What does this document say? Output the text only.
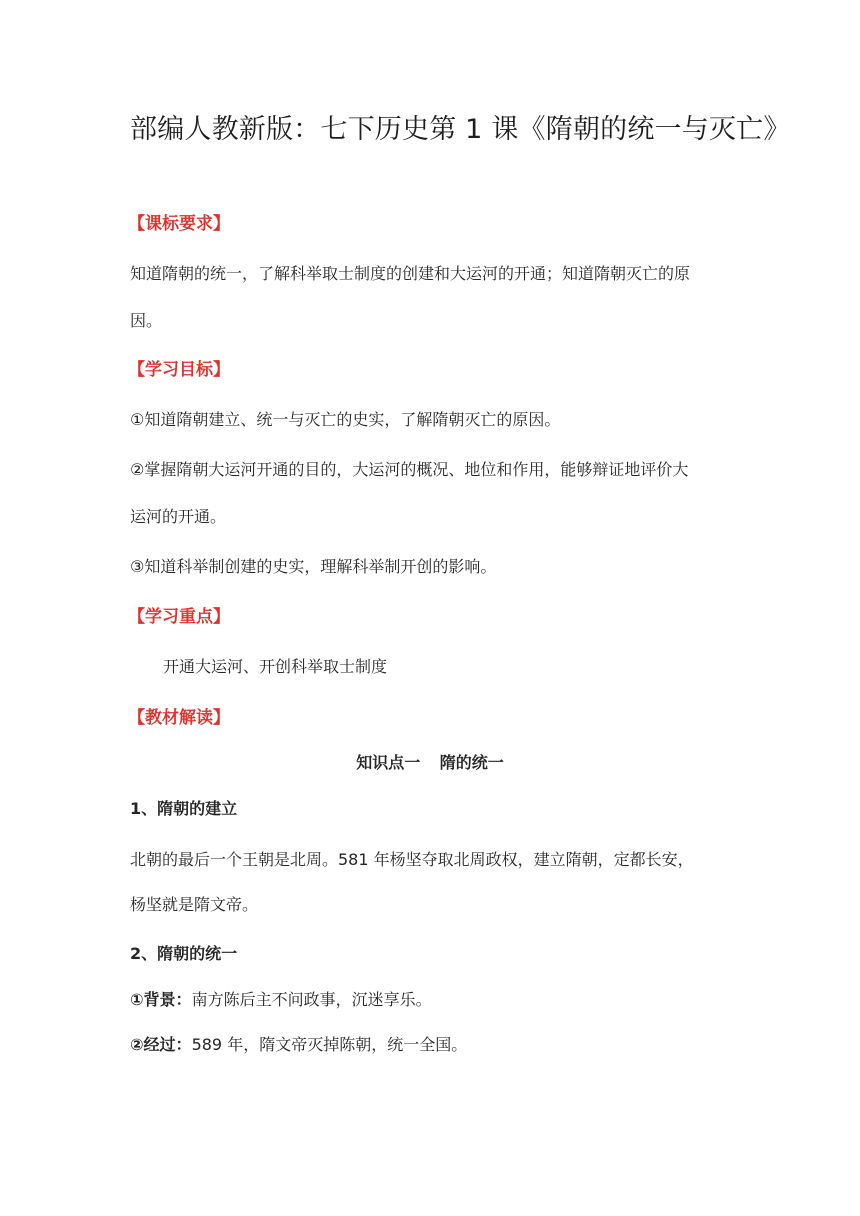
部编人教新版：七下历史第 1 课《隋朝的统一与灭亡》
【课标要求】
知道隋朝的统一，了解科举取士制度的创建和大运河的开通；知道隋朝灭亡的原
因。
【学习目标】
①知道隋朝建立、统一与灭亡的史实，了解隋朝灭亡的原因。
②掌握隋朝大运河开通的目的，大运河的概况、地位和作用，能够辩证地评价大
运河的开通。
③知道科举制创建的史实，理解科举制开创的影响。
【学习重点】
开通大运河、开创科举取士制度
【教材解读】
知识点一 隋的统一
1、隋朝的建立
北朝的最后一个王朝是北周。581 年杨坚夺取北周政权，建立隋朝，定都长安，
杨坚就是隋文帝。
2、隋朝的统一
①背景：南方陈后主不问政事，沉迷享乐。
②经过：589 年，隋文帝灭掉陈朝，统一全国。
